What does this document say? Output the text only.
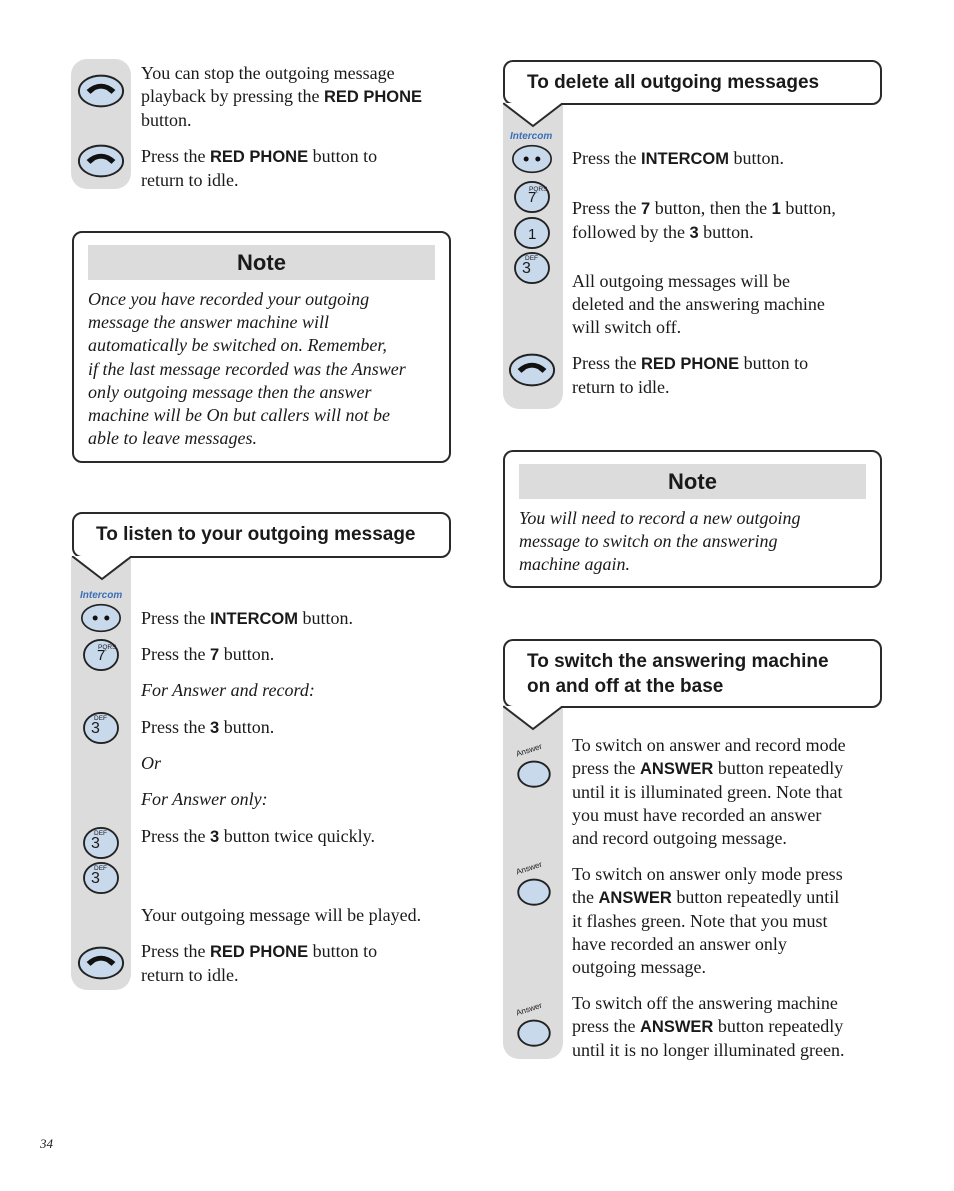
You can stop the outgoing message
playback by pressing the RED PHONE
button.
Press the RED PHONE button to
return to idle.
Note
Once you have recorded your outgoing
message the answer machine will
automatically be switched on. Remember,
if the last message recorded was the Answer
only outgoing message then the answer
machine will be On but callers will not be
able to leave messages.
To listen to your outgoing message
Intercom
PQRS
7
DEF
3
DEF
3
DEF
3
Press the INTERCOM button.
Press the 7 button.
For Answer and record:
Press the 3 button.
Or
For Answer only:
Press the 3 button twice quickly.
Your outgoing message will be played.
Press the RED PHONE button to
return to idle.
To delete all outgoing messages
Intercom
PQRS
7
1
DEF
3
Press the INTERCOM button.
Press the 7 button, then the 1 button,
followed by the 3 button.
All outgoing messages will be
deleted and the answering machine
will switch off.
Press the RED PHONE button to
return to idle.
Note
You will need to record a new outgoing
message to switch on the answering
machine again.
To switch the answering machine
on and off at the base
Answer
Answer
Answer
To switch on answer and record mode
press the ANSWER button repeatedly
until it is illuminated green. Note that
you must have recorded an answer
and record outgoing message.
To switch on answer only mode press
the ANSWER button repeatedly until
it flashes green. Note that you must
have recorded an answer only
outgoing message.
To switch off the answering machine
press the ANSWER button repeatedly
until it is no longer illuminated green.
34
